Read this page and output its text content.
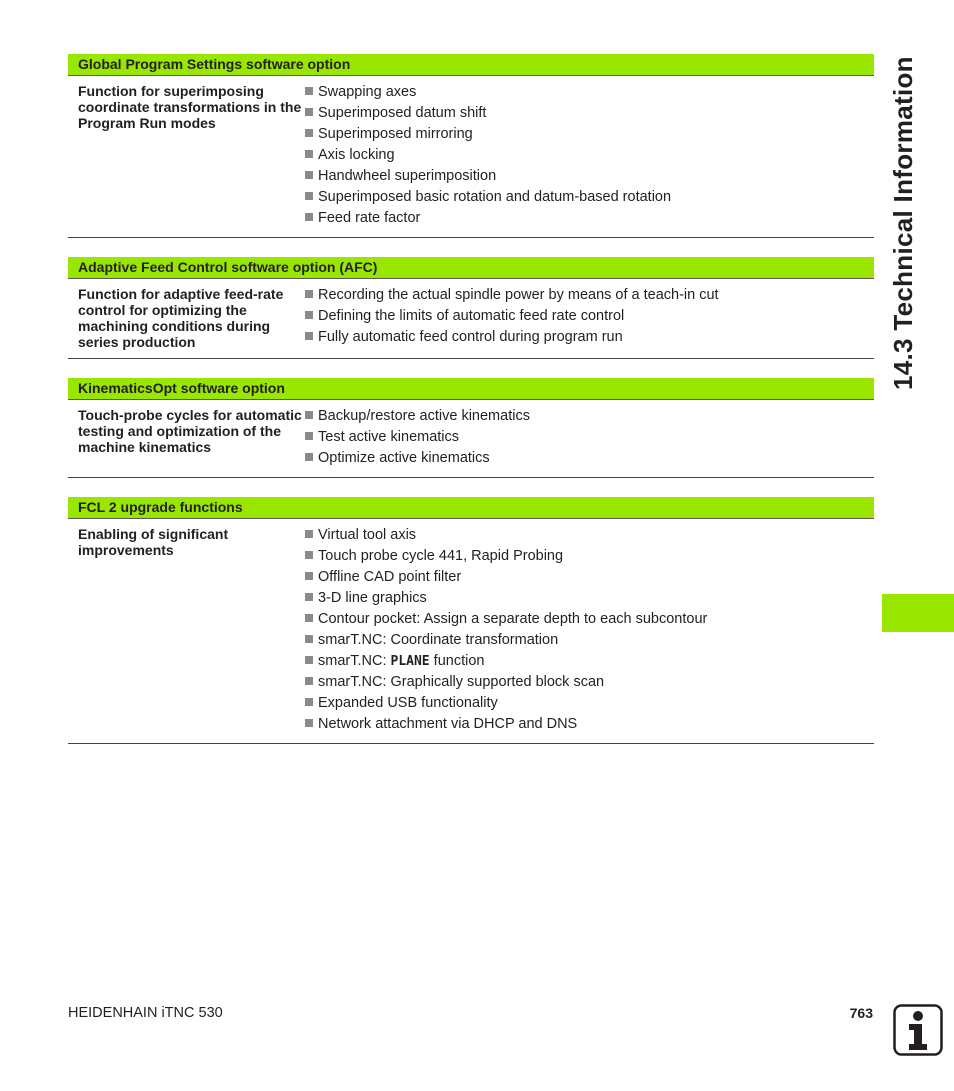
Global Program Settings software option
Function for superimposing coordinate transformations in the Program Run modes
Swapping axes
Superimposed datum shift
Superimposed mirroring
Axis locking
Handwheel superimposition
Superimposed basic rotation and datum-based rotation
Feed rate factor
Adaptive Feed Control software option (AFC)
Function for adaptive feed-rate control for optimizing the machining conditions during series production
Recording the actual spindle power by means of a teach-in cut
Defining the limits of automatic feed rate control
Fully automatic feed control during program run
KinematicsOpt software option
Touch-probe cycles for automatic testing and optimization of the machine kinematics
Backup/restore active kinematics
Test active kinematics
Optimize active kinematics
FCL 2 upgrade functions
Enabling of significant improvements
Virtual tool axis
Touch probe cycle 441, Rapid Probing
Offline CAD point filter
3-D line graphics
Contour pocket: Assign a separate depth to each subcontour
smarT.NC: Coordinate transformation
smarT.NC: PLANE function
smarT.NC: Graphically supported block scan
Expanded USB functionality
Network attachment via DHCP and DNS
14.3 Technical Information
HEIDENHAIN iTNC 530	763
